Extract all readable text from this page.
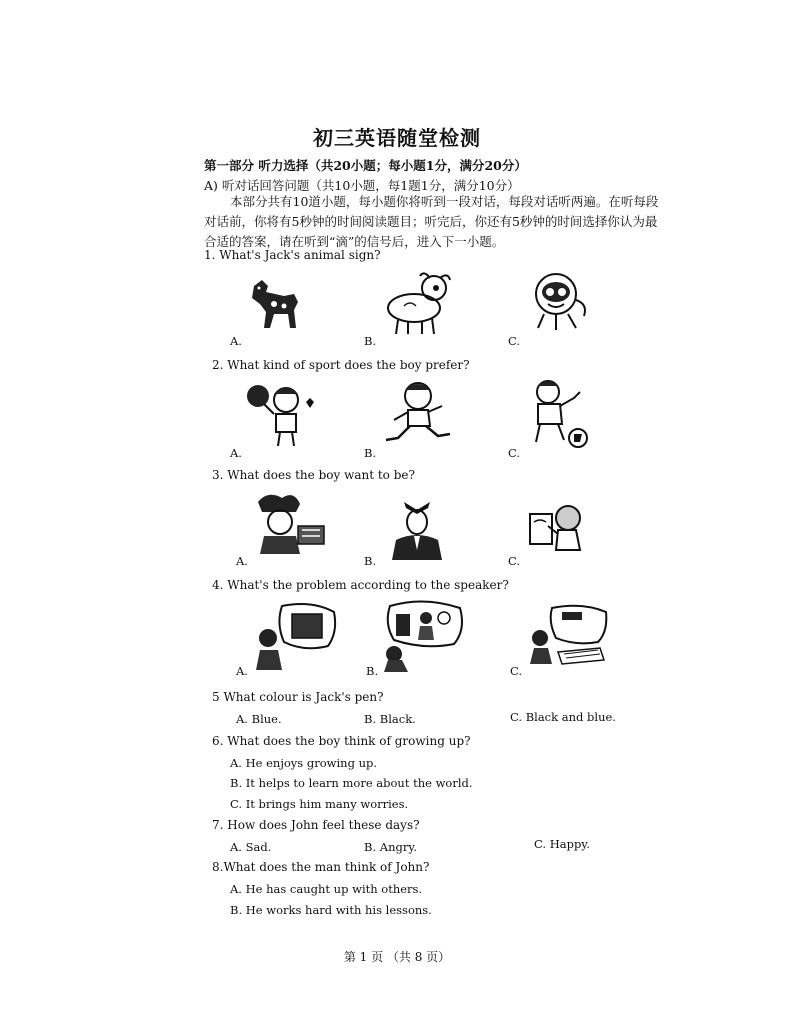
初三英语随堂检测
第一部分 听力选择（共20小题；每小题1分，满分20分）
A) 听对话回答问题（共10小题，每1题1分，满分10分）
本部分共有10道小题，每小题你将听到一段对话，每段对话听两遍。在听每段对话前，你将有5秒钟的时间阅读题目；听完后，你还有5秒钟的时间选择你认为最合适的答案，请在听到“滴”的信号后，进入下一小题。
1. What's Jack's animal sign?
A.	B.	C.
2. What kind of sport does the boy prefer?
A.	B.	C.
3. What does the boy want to be?
A.	B.	C.
4. What's the problem according to the speaker?
A.	B.	C.
5 What colour is Jack's pen?
A. Blue.	B. Black.	C. Black and blue.
6. What does the boy think of growing up?
A. He enjoys growing up.
B. It helps to learn more about the world.
C. It brings him many worries.
7. How does John feel these days?
A. Sad.	B. Angry.	C. Happy.
8.What does the man think of John?
A. He has caught up with others.
B. He works hard with his lessons.
第 1 页 （共 8 页）
